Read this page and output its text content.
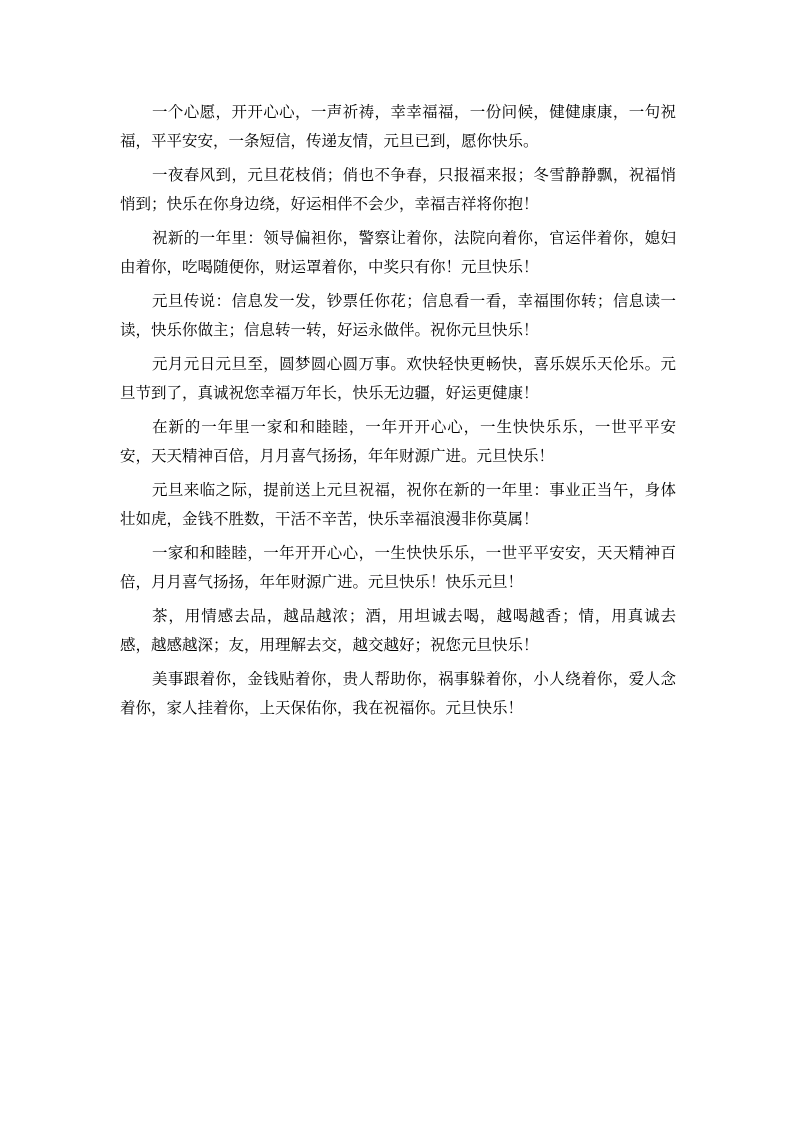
一个心愿，开开心心，一声祈祷，幸幸福福，一份问候，健健康康，一句祝福，平平安安，一条短信，传递友情，元旦已到，愿你快乐。

一夜春风到，元旦花枝俏；俏也不争春，只报福来报；冬雪静静飘，祝福悄悄到；快乐在你身边绕，好运相伴不会少，幸福吉祥将你抱！

祝新的一年里：领导偏袒你，警察让着你，法院向着你，官运伴着你，媳妇由着你，吃喝随便你，财运罩着你，中奖只有你！元旦快乐！

元旦传说：信息发一发，钞票任你花；信息看一看，幸福围你转；信息读一读，快乐你做主；信息转一转，好运永做伴。祝你元旦快乐！

元月元日元旦至，圆梦圆心圆万事。欢快轻快更畅快，喜乐娱乐天伦乐。元旦节到了，真诚祝您幸福万年长，快乐无边疆，好运更健康！

在新的一年里一家和和睦睦，一年开开心心，一生快快乐乐，一世平平安安，天天精神百倍，月月喜气扬扬，年年财源广进。元旦快乐！

元旦来临之际，提前送上元旦祝福，祝你在新的一年里：事业正当午，身体壮如虎，金钱不胜数，干活不辛苦，快乐幸福浪漫非你莫属！

一家和和睦睦，一年开开心心，一生快快乐乐，一世平平安安，天天精神百倍，月月喜气扬扬，年年财源广进。元旦快乐！快乐元旦！

茶，用情感去品，越品越浓；酒，用坦诚去喝，越喝越香；情，用真诚去感，越感越深；友，用理解去交，越交越好；祝您元旦快乐！

美事跟着你，金钱贴着你，贵人帮助你，祸事躲着你，小人绕着你，爱人念着你，家人挂着你，上天保佑你，我在祝福你。元旦快乐！
